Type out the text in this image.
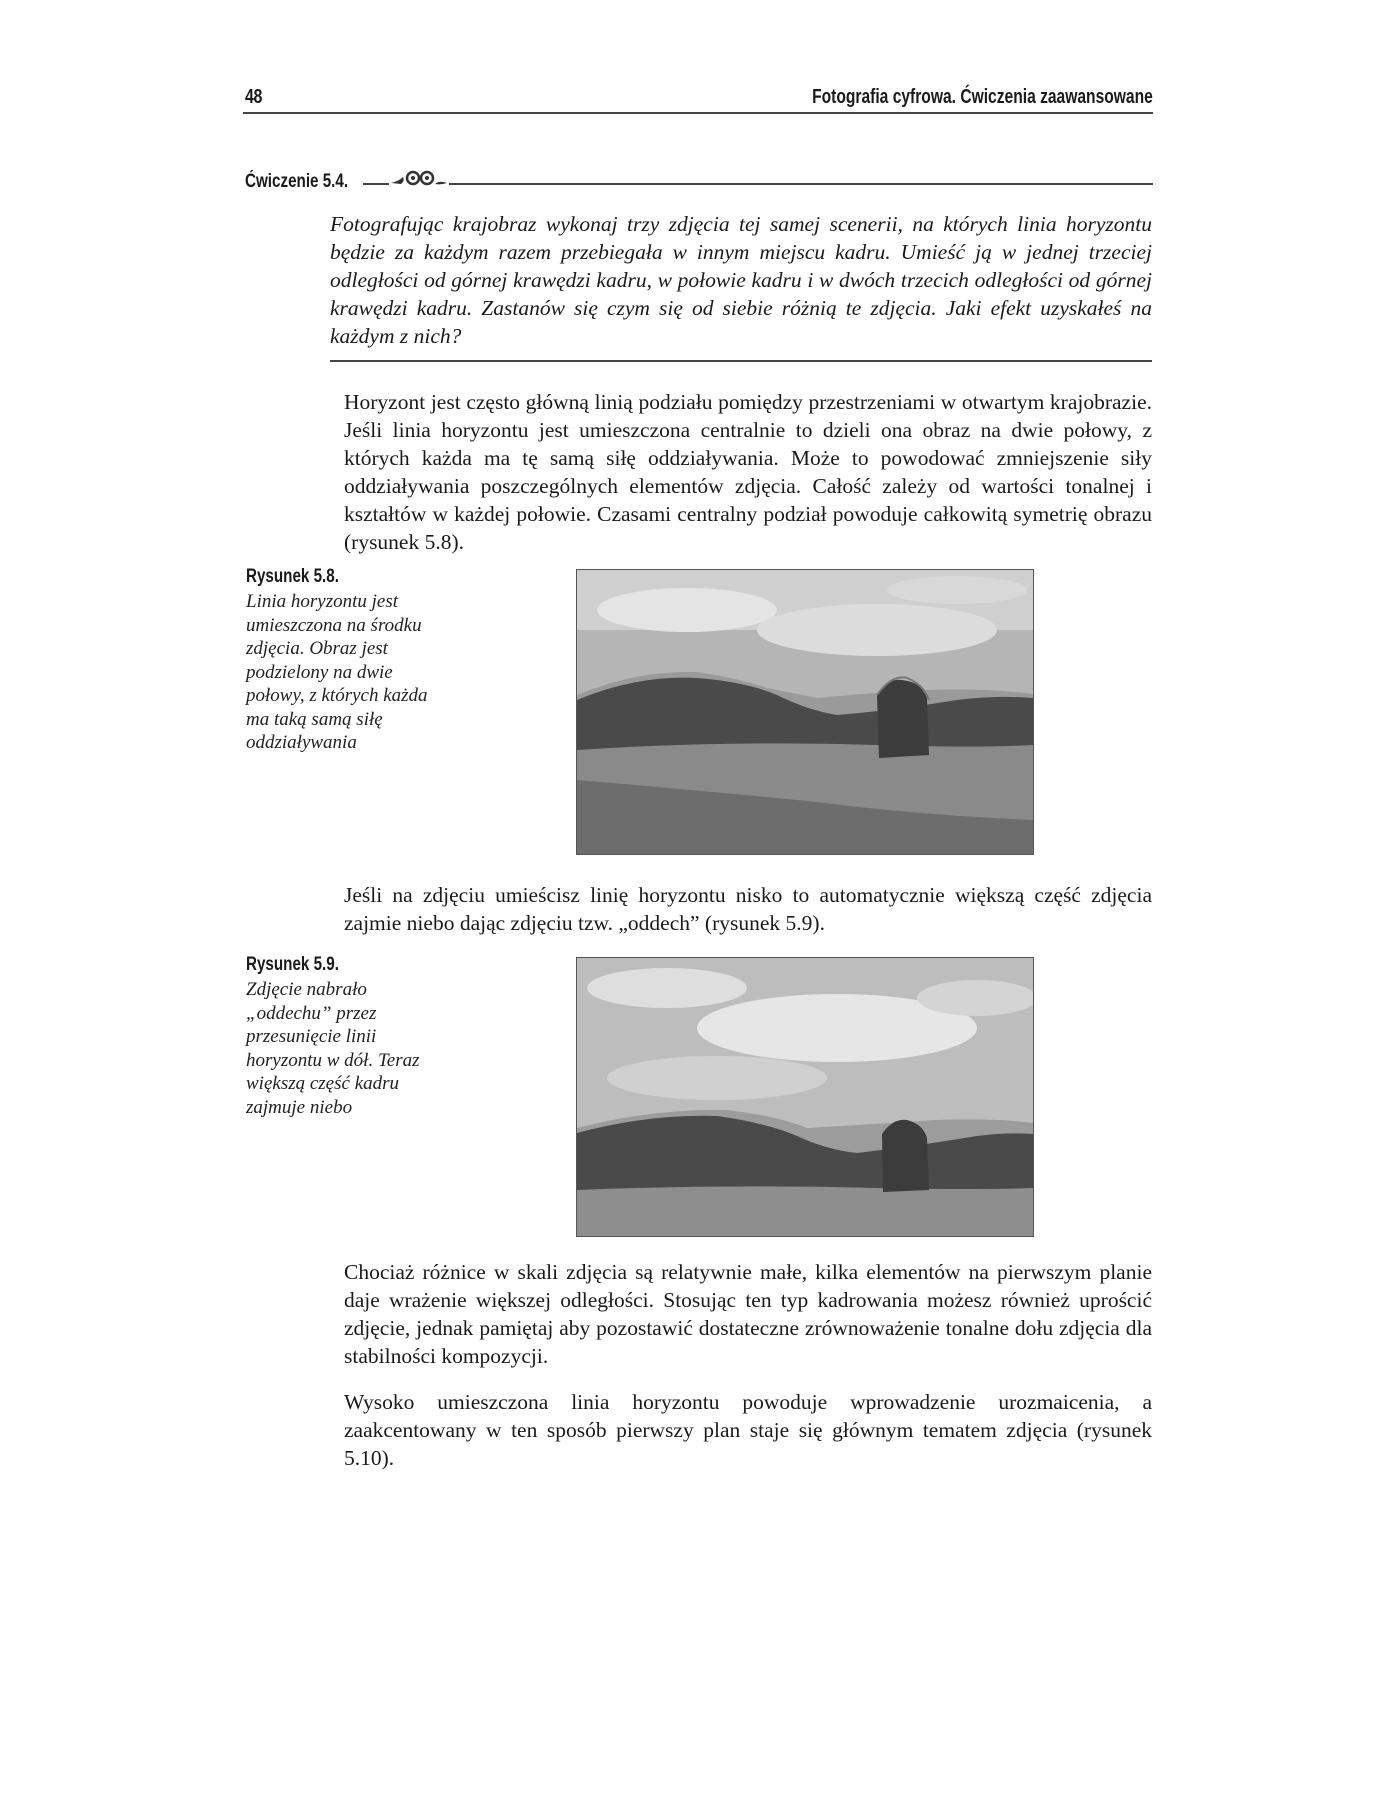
48	Fotografia cyfrowa. Ćwiczenia zaawansowane
Ćwiczenie 5.4.
Fotografując krajobraz wykonaj trzy zdjęcia tej samej scenerii, na których linia horyzontu będzie za każdym razem przebiegała w innym miejscu kadru. Umieść ją w jednej trzeciej odległości od górnej krawędzi kadru, w połowie kadru i w dwóch trzecich odległości od górnej krawędzi kadru. Zastanów się czym się od siebie różnią te zdjęcia. Jaki efekt uzyskałeś na każdym z nich?
Horyzont jest często główną linią podziału pomiędzy przestrzeniami w otwartym krajobrazie. Jeśli linia horyzontu jest umieszczona centralnie to dzieli ona obraz na dwie połowy, z których każda ma tę samą siłę oddziaływania. Może to powodować zmniejszenie siły oddziaływania poszczególnych elementów zdjęcia. Całość zależy od wartości tonalnej i kształtów w każdej połowie. Czasami centralny podział powoduje całkowitą symetrię obrazu (rysunek 5.8).
Rysunek 5.8.
Linia horyzontu jest umieszczona na środku zdjęcia. Obraz jest podzielony na dwie połowy, z których każda ma taką samą siłę oddziaływania
Jeśli na zdjęciu umieścisz linię horyzontu nisko to automatycznie większą część zdjęcia zajmie niebo dając zdjęciu tzw. „oddech” (rysunek 5.9).
Rysunek 5.9.
Zdjęcie nabrało „oddechu” przez przesunięcie linii horyzontu w dół. Teraz większą część kadru zajmuje niebo
Chociaż różnice w skali zdjęcia są relatywnie małe, kilka elementów na pierwszym planie daje wrażenie większej odległości. Stosując ten typ kadrowania możesz również uprościć zdjęcie, jednak pamiętaj aby pozostawić dostateczne zrównoważenie tonalne dołu zdjęcia dla stabilności kompozycji.
Wysoko umieszczona linia horyzontu powoduje wprowadzenie urozmaicenia, a zaakcentowany w ten sposób pierwszy plan staje się głównym tematem zdjęcia (rysunek 5.10).
